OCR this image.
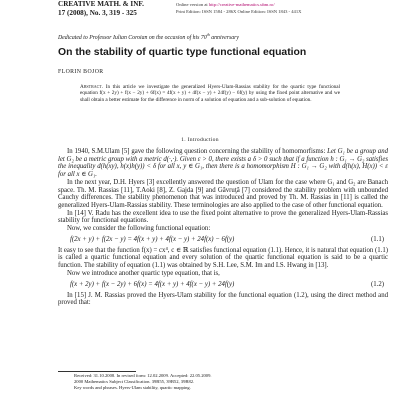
CREATIVE MATH. & INF.
17 (2008), No. 3, 319 - 325
Online version at http://creative-mathematics.ubm.ro/
Print Edition: ISSN 1584 - 286X Online Edition: ISSN 1843 - 441X
Dedicated to Professor Iulian Coroian on the occasion of his 70th anniversary
On the stability of quartic type functional equation
FLORIN BOJOR
Abstract. In this article we investigate the generalized Hyers-Ulam-Rassias stability for the quartic type functional equation f(x + 2y) + f(x − 2y) + 6f(x) = 4f(x + y) + 4f(x − y) + 24f(y) − 6f(y) by using the fixed point alternative and we shall obtain a better estimate for the difference in norm of a solution of equation and a sub-solution of equation.
1. Introduction

In 1940, S.M.Ulam [5] gave the following question concerning the stability of homomorfisms: Let G₁ be a group and let G₂ be a metric group with a metric d(·,·). Given ε > 0, there exists a δ > 0 such that if a function h : G₁ → G₂ satisfies the inequality d(h(xy), h(x)h(y)) < δ for all x, y ∈ G₁, then there is a homomorphism H : G₁ → G₂ with d(h(x), H(x)) < ε for all x ∈ G₁.

In the next year, D.H. Hyers [3] excellently answered the question of Ulam for the case where G₁ and G₂ are Banach space. Th. M. Rassias [11], T.Aoki [8], Z. Gajda [9] and Găvruţă [7] considered the stability problem with unbounded Cauchy differences. The stability phenomenon that was introduced and proved by Th. M. Rassias in [11] is called the generalized Hyers-Ulam-Rassias stability. These terminologies are also applied to the case of other functional equation.

In [14] V. Radu has the excellent idea to use the fixed point alternative to prove the generalized Hyers-Ulam-Rassias stability for functional equations.

Now, we consider the following functional equation:

f(2x + y) + f(2x − y) = 4f(x + y) + 4f(x − y) + 24f(x) − 6f(y)	(1.1)

It easy to see that the function f(x) = cx⁴, c ∈ ℝ satisfies functional equation (1.1). Hence, it is natural that equation (1.1) is called a quartic functional equation and every solution of the quartic functional equation is said to be a quartic function. The stability of equation (1.1) was obtained by S.H. Lee, S.M. Im and I.S. Hwang in [13].

Now we introduce another quartic type equation, that is,

f(x + 2y) + f(x − 2y) + 6f(x) = 4f(x + y) + 4f(x − y) + 24f(y)	(1.2)

In [15] J. M. Rassias proved the Hyers-Ulam stability for the functional equation (1.2), using the direct method and proved that:

Received: 31.10.2008. In revised form: 12.02.2009. Accepted: 22.05.2009.
2000 Mathematics Subject Classification. 39B55, 39B52, 39B82.
Key words and phrases. Hyers-Ulam stability, quartic mapping.
